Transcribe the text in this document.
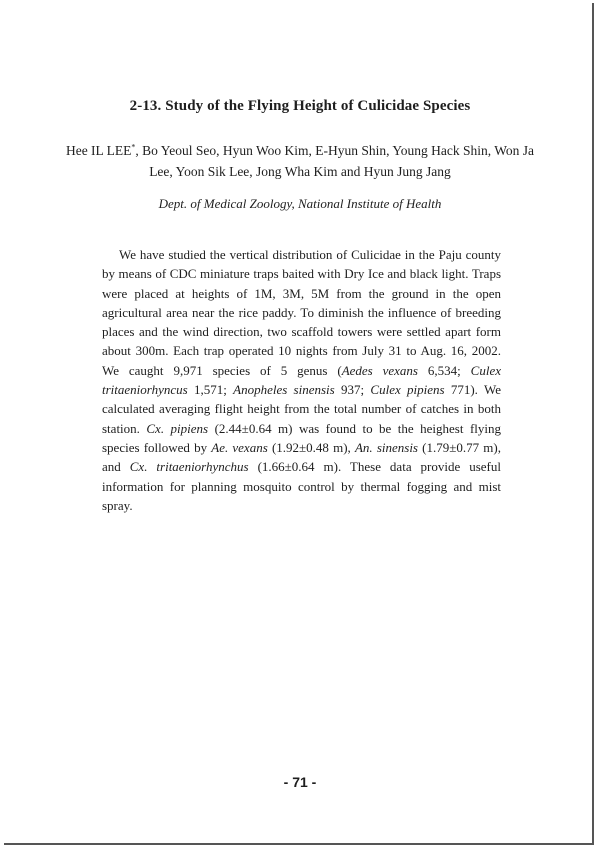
2-13. Study of the Flying Height of Culicidae Species
Hee IL LEE*, Bo Yeoul Seo, Hyun Woo Kim, E-Hyun Shin, Young Hack Shin, Won Ja Lee, Yoon Sik Lee, Jong Wha Kim and Hyun Jung Jang
Dept. of Medical Zoology, National Institute of Health

We have studied the vertical distribution of Culicidae in the Paju county by means of CDC miniature traps baited with Dry Ice and black light. Traps were placed at heights of 1M, 3M, 5M from the ground in the open agricultural area near the rice paddy. To diminish the influence of breeding places and the wind direction, two scaffold towers were settled apart form about 300m. Each trap operated 10 nights from July 31 to Aug. 16, 2002. We caught 9,971 species of 5 genus (Aedes vexans 6,534; Culex tritaeniorhyncus 1,571; Anopheles sinensis 937; Culex pipiens 771). We calculated averaging flight height from the total number of catches in both station. Cx. pipiens (2.44±0.64 m) was found to be the heighest flying species followed by Ae. vexans (1.92±0.48 m), An. sinensis (1.79±0.77 m), and Cx. tritaeniorhynchus (1.66±0.64 m). These data provide useful information for planning mosquito control by thermal fogging and mist spray.

- 71 -
